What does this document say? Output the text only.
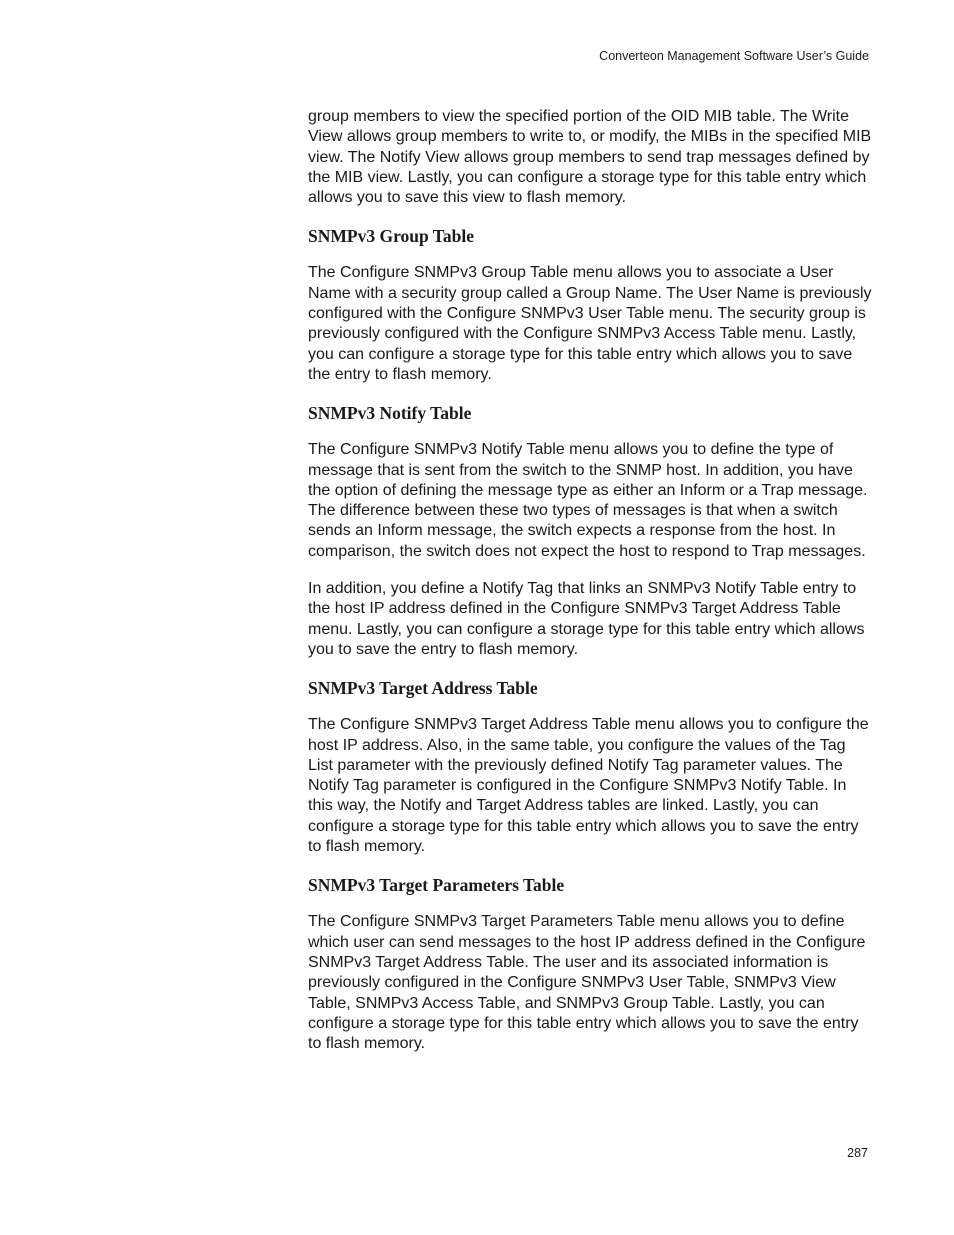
Converteon Management Software User’s Guide

group members to view the specified portion of the OID MIB table. The Write View allows group members to write to, or modify, the MIBs in the specified MIB view. The Notify View allows group members to send trap messages defined by the MIB view. Lastly, you can configure a storage type for this table entry which allows you to save this view to flash memory.

SNMPv3 Group Table

The Configure SNMPv3 Group Table menu allows you to associate a User Name with a security group called a Group Name. The User Name is previously configured with the Configure SNMPv3 User Table menu. The security group is previously configured with the Configure SNMPv3 Access Table menu. Lastly, you can configure a storage type for this table entry which allows you to save the entry to flash memory.

SNMPv3 Notify Table

The Configure SNMPv3 Notify Table menu allows you to define the type of message that is sent from the switch to the SNMP host. In addition, you have the option of defining the message type as either an Inform or a Trap message. The difference between these two types of messages is that when a switch sends an Inform message, the switch expects a response from the host. In comparison, the switch does not expect the host to respond to Trap messages.

In addition, you define a Notify Tag that links an SNMPv3 Notify Table entry to the host IP address defined in the Configure SNMPv3 Target Address Table menu. Lastly, you can configure a storage type for this table entry which allows you to save the entry to flash memory.

SNMPv3 Target Address Table

The Configure SNMPv3 Target Address Table menu allows you to configure the host IP address. Also, in the same table, you configure the values of the Tag List parameter with the previously defined Notify Tag parameter values. The Notify Tag parameter is configured in the Configure SNMPv3 Notify Table. In this way, the Notify and Target Address tables are linked. Lastly, you can configure a storage type for this table entry which allows you to save the entry to flash memory.

SNMPv3 Target Parameters Table

The Configure SNMPv3 Target Parameters Table menu allows you to define which user can send messages to the host IP address defined in the Configure SNMPv3 Target Address Table. The user and its associated information is previously configured in the Configure SNMPv3 User Table, SNMPv3 View Table, SNMPv3 Access Table, and SNMPv3 Group Table. Lastly, you can configure a storage type for this table entry which allows you to save the entry to flash memory.

287
